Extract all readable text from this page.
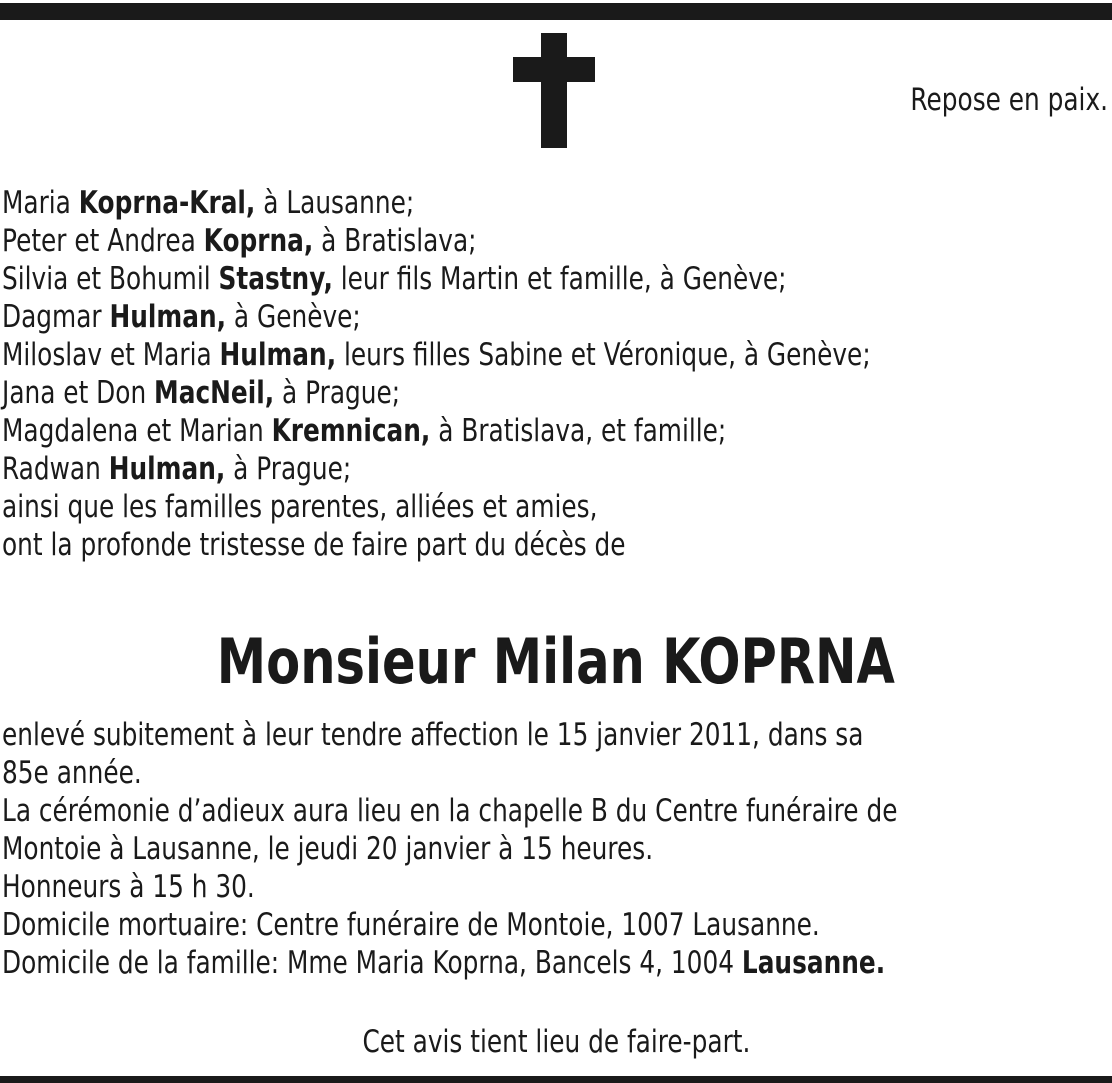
Repose en paix.
Maria Koprna-Kral, à Lausanne;
Peter et Andrea Koprna, à Bratislava;
Silvia et Bohumil Stastny, leur fils Martin et famille, à Genève;
Dagmar Hulman, à Genève;
Miloslav et Maria Hulman, leurs filles Sabine et Véronique, à Genève;
Jana et Don MacNeil, à Prague;
Magdalena et Marian Kremnican, à Bratislava, et famille;
Radwan Hulman, à Prague;
ainsi que les familles parentes, alliées et amies,
ont la profonde tristesse de faire part du décès de
Monsieur Milan KOPRNA
enlevé subitement à leur tendre affection le 15 janvier 2011, dans sa
85e année.
La cérémonie d’adieux aura lieu en la chapelle B du Centre funéraire de
Montoie à Lausanne, le jeudi 20 janvier à 15 heures.
Honneurs à 15 h 30.
Domicile mortuaire: Centre funéraire de Montoie, 1007 Lausanne.
Domicile de la famille: Mme Maria Koprna, Bancels 4, 1004 Lausanne.
Cet avis tient lieu de faire-part.
